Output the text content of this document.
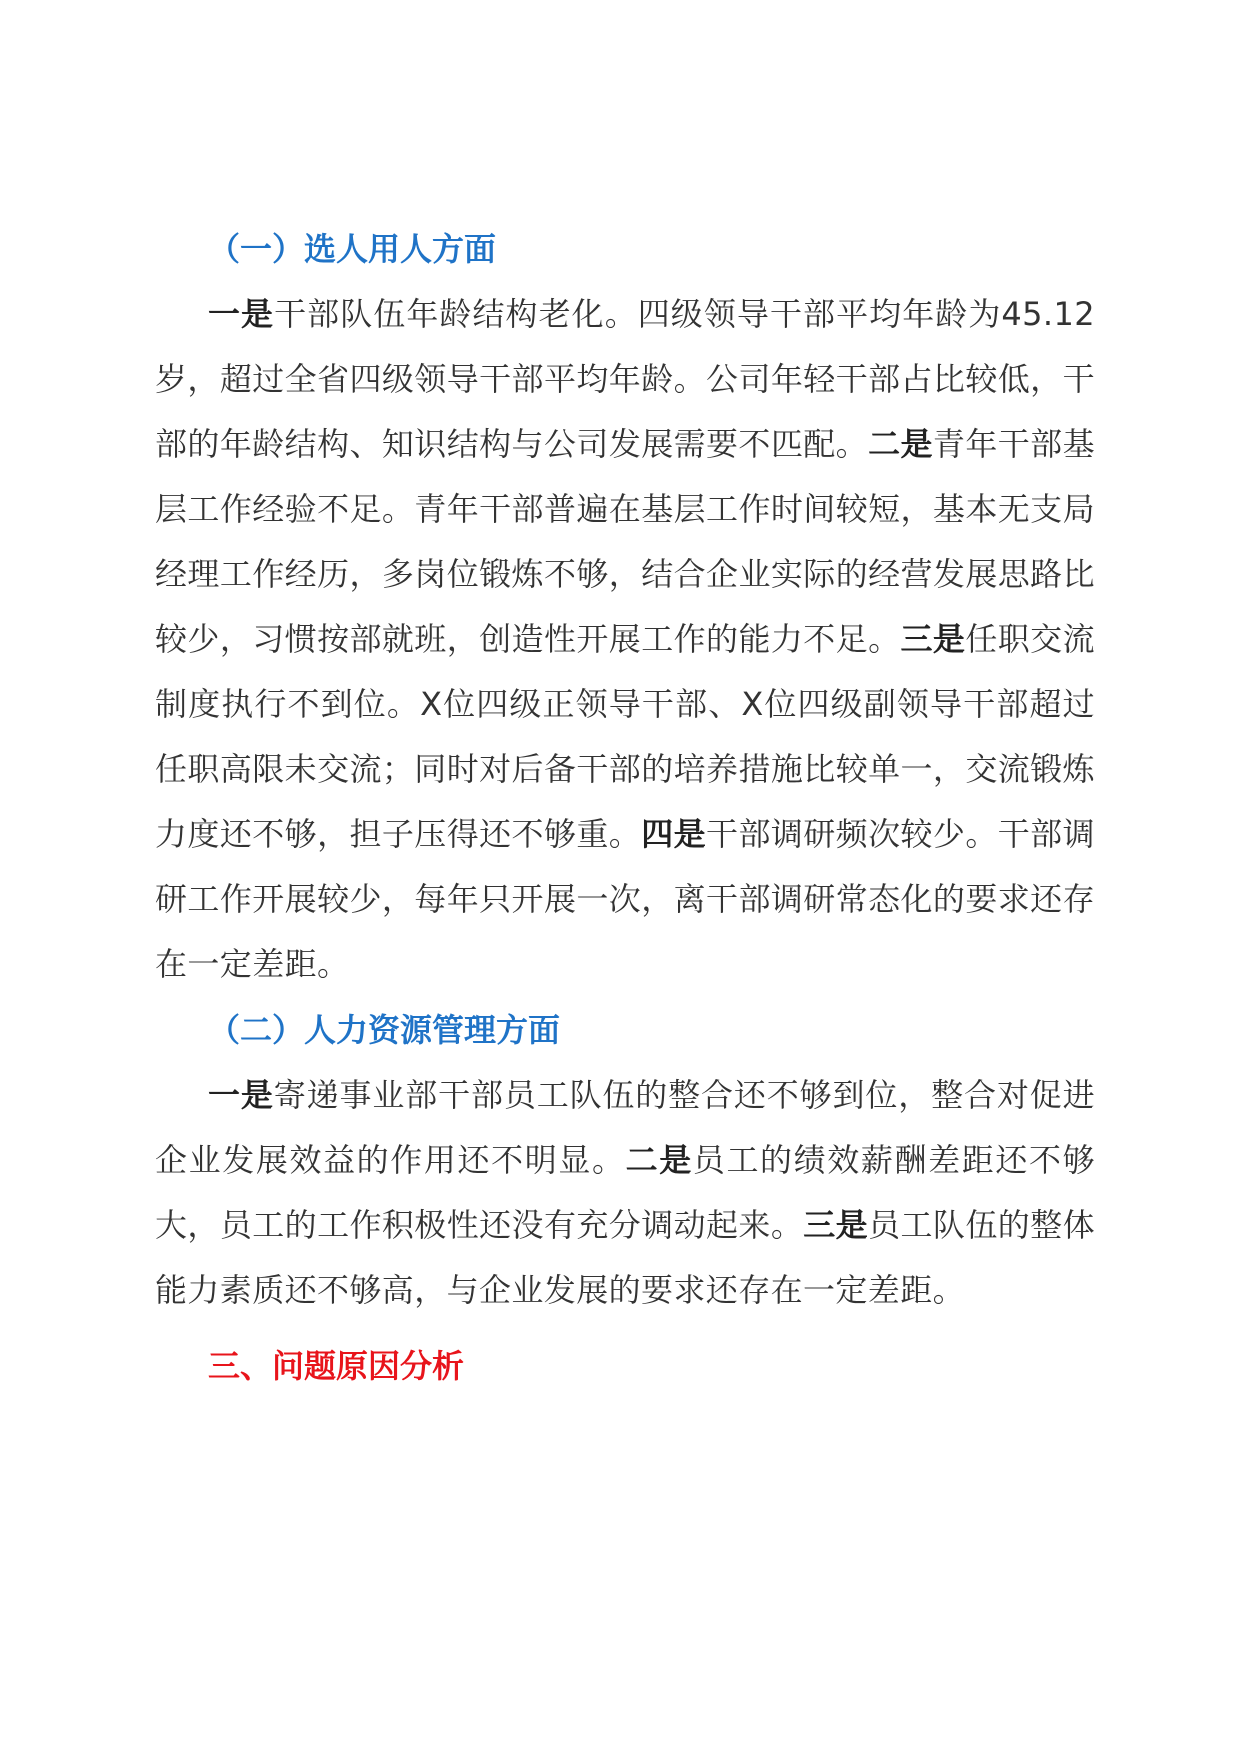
（一）选人用人方面

一是干部队伍年龄结构老化。四级领导干部平均年龄为45.12岁，超过全省四级领导干部平均年龄。公司年轻干部占比较低，干部的年龄结构、知识结构与公司发展需要不匹配。二是青年干部基层工作经验不足。青年干部普遍在基层工作时间较短，基本无支局经理工作经历，多岗位锻炼不够，结合企业实际的经营发展思路比较少，习惯按部就班，创造性开展工作的能力不足。三是任职交流制度执行不到位。X位四级正领导干部、X位四级副领导干部超过任职高限未交流；同时对后备干部的培养措施比较单一，交流锻炼力度还不够，担子压得还不够重。四是干部调研频次较少。干部调研工作开展较少，每年只开展一次，离干部调研常态化的要求还存在一定差距。

（二）人力资源管理方面

一是寄递事业部干部员工队伍的整合还不够到位，整合对促进企业发展效益的作用还不明显。二是员工的绩效薪酬差距还不够大，员工的工作积极性还没有充分调动起来。三是员工队伍的整体能力素质还不够高，与企业发展的要求还存在一定差距。

三、问题原因分析
